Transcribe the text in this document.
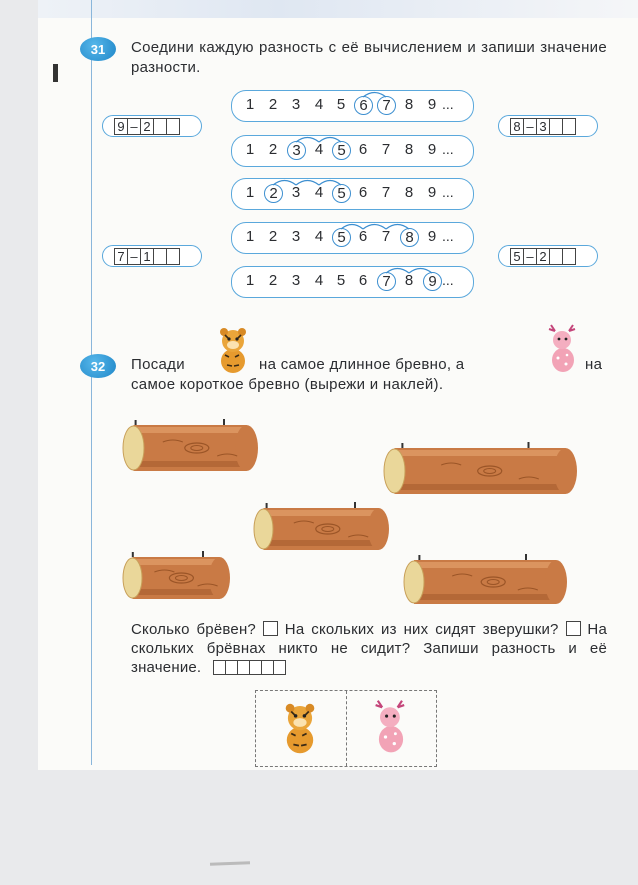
31	Соедини каждую разность с её вычислением и запиши значение разности.
1 2 3 4 5 6 7 8 9 ...
1 2	3 4 5 6 7 8 9 ...
1	2 3 4 5 6 7 8 9 ...
1 2 3 4 5 6 7	8 9 ...
1 2 3 4 5 6	7 8	9 ...
9 – 2	8 – 3
7 – 1	5 – 2
32	Посади	на самое длинное бревно, а	на
самое короткое бревно (вырежи и наклей).
Сколько брёвен? На скольких из них сидят зверушки? На скольких брёвнах никто не сидит? Запиши разность и её значение.
